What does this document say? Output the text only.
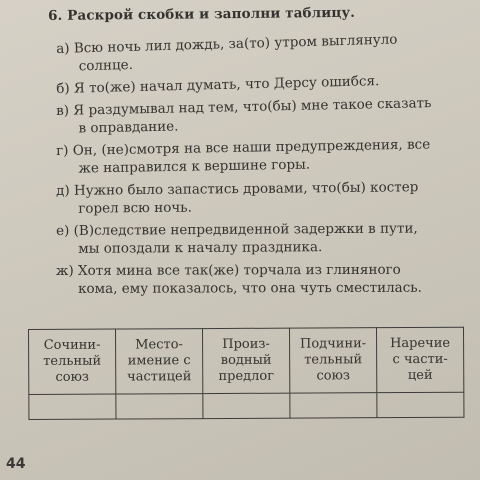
6. Раскрой скобки и заполни таблицу.
а) Всю ночь лил дождь, за(то) утром выглянуло
солнце.
б) Я то(же) начал думать, что Дерсу ошибся.
в) Я раздумывал над тем, что(бы) мне такое сказать
в оправдание.
г) Он, (не)смотря на все наши предупреждения, все
же направился к вершине горы.
д) Нужно было запастись дровами, что(бы) костер
горел всю ночь.
е) (В)следствие непредвиденной задержки в пути,
мы опоздали к началу праздника.
ж) Хотя мина все так(же) торчала из глиняного
кома, ему показалось, что она чуть сместилась.
Сочини-
тельный
союз	Место-
имение с
частицей	Произ-
водный
предлог	Подчини-
тельный
союз	Наречие
с части-
цей

44
